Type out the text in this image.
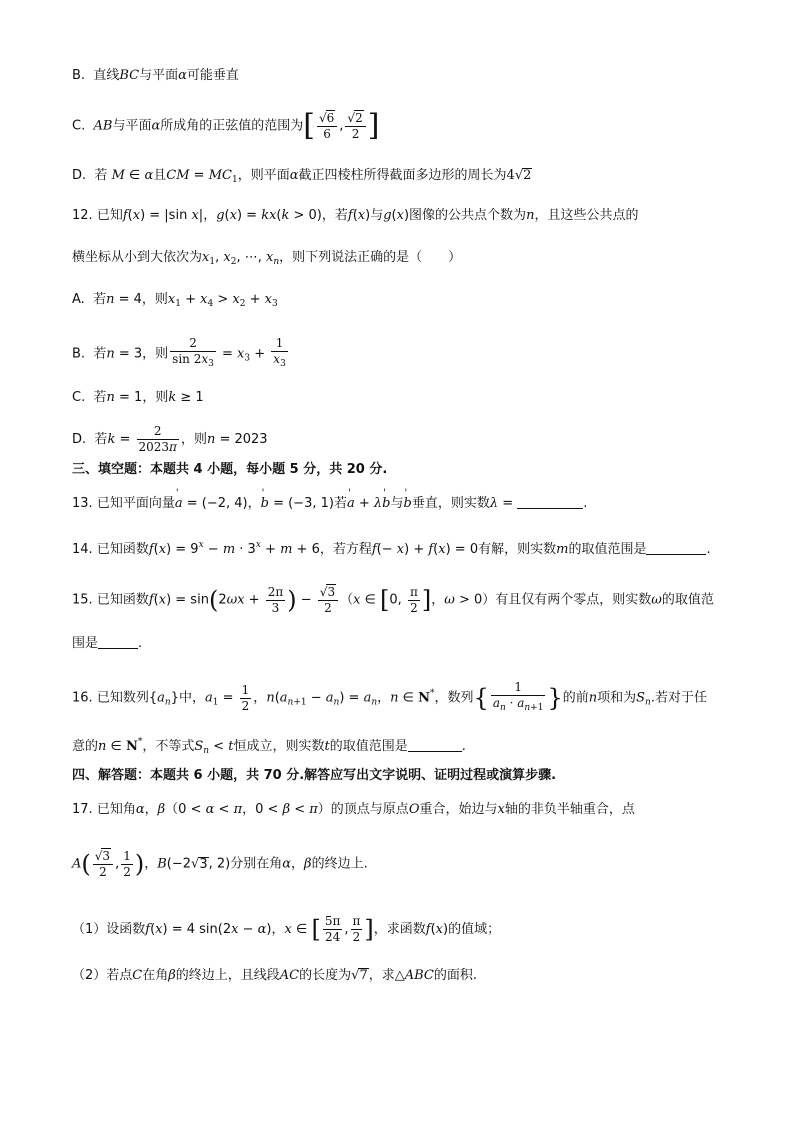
B. 直线BC与平面α可能垂直
C. AB与平面α所成角的正弦值的范围为[ $\frac{√6}{6}$ , $\frac{√2}{2}$ ]
D. 若 M ∈ α且CM = $MC_1$，则平面α截正四棱柱所得截面多边形的周长为4√2
12. 已知f(x) = |sin x|，g(x) = kx(k > 0)，若f(x)与g(x)图像的公共点个数为n，且这些公共点的
横坐标从小到大依次为$x_1$, $x_2$, ⋯, $x_n$，则下列说法正确的是（　　）
A. 若n = 4，则$x_1 + x_4 > x_2 + x_3$
B. 若n = 3，则 $\frac{2}{\sin 2x_3} = x_3 + \frac{1}{x_3}$
C. 若n = 1，则k ≥ 1
D. 若$k = \frac{2}{2023\pi}$ ，则n = 2023
三、填空题：本题共 4 小题，每小题 5 分，共 20 分.
13. 已知平面向量' a = (−2, 4)，' b = (−3, 1)若' a + λ' b与' b垂直，则实数λ =	.
14. 已知函数$f(x) = 9^x - m \cdot 3^x + m + 6$，若方程f(− x) + f(x) = 0有解，则实数m的取值范围是	.
15. 已知函数$f(x) = \sin(2\omega x + \frac{2\pi}{3}$ ) − $\frac{√3}{2} (x$ ∈ [0, $\frac{\pi}{2}$ ]，ω > 0）有且仅有两个零点，则实数ω的取值范
围是	.
16. 已知数列$\{a_n\}$中，$a_1 = \frac{1}{2}$ ，$n(a_{n+1} - a_n) = a_n$，n ∈ N*，数列{ $\frac{1}{a_n \cdot a_{n+1}}$ }的前n项和为$S_n$.若对于任
意的n ∈ N*，不等式$S_n < t$恒成立，则实数t的取值范围是	.
四、解答题：本题共 6 小题，共 70 分.解答应写出文字说明、证明过程或演算步骤.
17. 已知角α，β（0 < α < π，0 < β < π）的顶点与原点O重合，始边与x轴的非负半轴重合，点
$A( \frac{√3}{2}$ , $\frac{1}{2}$ )，B(−2√3, 2)分别在角α，β的终边上.
（1）设函数f(x) = 4 sin(2x − α)，x ∈ [ $\frac{5\pi}{24}$ , $\frac{\pi}{2}$ ]，求函数f(x)的值域；
（2）若点C在角β的终边上，且线段AC的长度为√7，求△ABC的面积.
